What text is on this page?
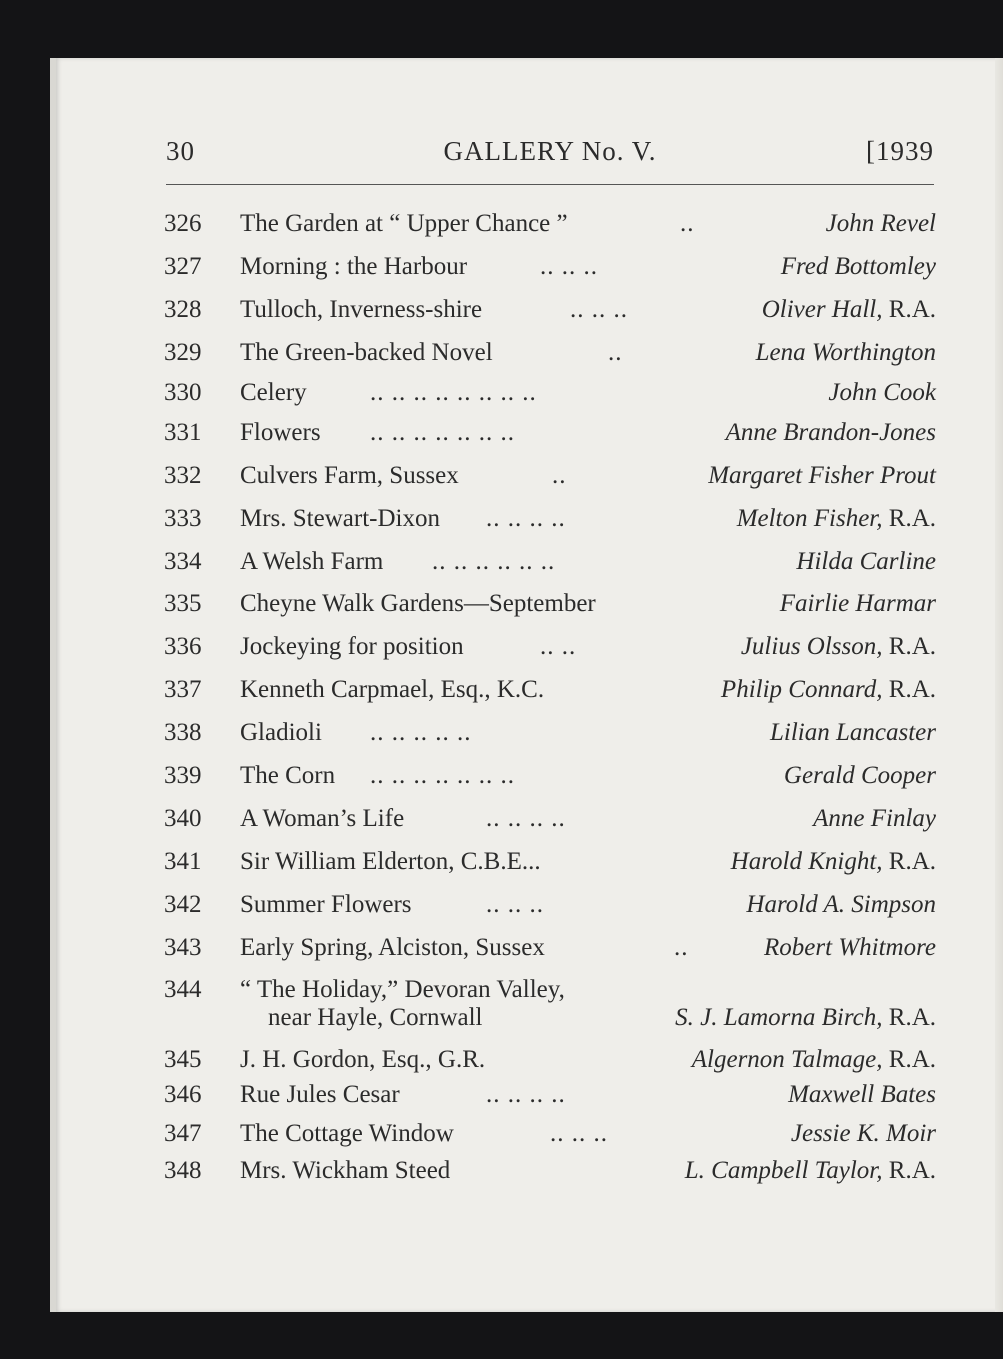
30	GALLERY No. V.	[1939
326	The Garden at “ Upper Chance ”	..	John Revel
327	Morning : the Harbour	.. .. ..	Fred Bottomley
328	Tulloch, Inverness-shire	.. .. ..	Oliver Hall, R.A.
329	The Green-backed Novel	..	Lena Worthington
330	Celery	.. .. .. .. .. .. .. ..	John Cook
331	Flowers .. .. .. .. .. .. ..	Anne Brandon-Jones
332	Culvers Farm, Sussex	..	Margaret Fisher Prout
333	Mrs. Stewart-Dixon .. .. .. ..	Melton Fisher, R.A.
334	A Welsh Farm .. .. .. .. .. ..	Hilda Carline
335	Cheyne Walk Gardens—September	Fairlie Harmar
336	Jockeying for position	.. ..	Julius Olsson, R.A.
337	Kenneth Carpmael, Esq., K.C.	Philip Connard, R.A.
338	Gladioli .. .. .. .. ..	Lilian Lancaster
339	The Corn .. .. .. .. .. .. ..	Gerald Cooper
340	A Woman’s Life	.. .. .. ..	Anne Finlay
341	Sir William Elderton, C.B.E...	Harold Knight, R.A.
342	Summer Flowers	.. .. ..	Harold A. Simpson
343	Early Spring, Alciston, Sussex	..	Robert Whitmore
344	“ The Holiday,” Devoran Valley,
near Hayle, Cornwall	S. J. Lamorna Birch, R.A.
345	J. H. Gordon, Esq., G.R.	Algernon Talmage, R.A.
346	Rue Jules Cesar	.. .. .. ..	Maxwell Bates
347	The Cottage Window	.. .. ..	Jessie K. Moir
348	Mrs. Wickham Steed	L. Campbell Taylor, R.A.
